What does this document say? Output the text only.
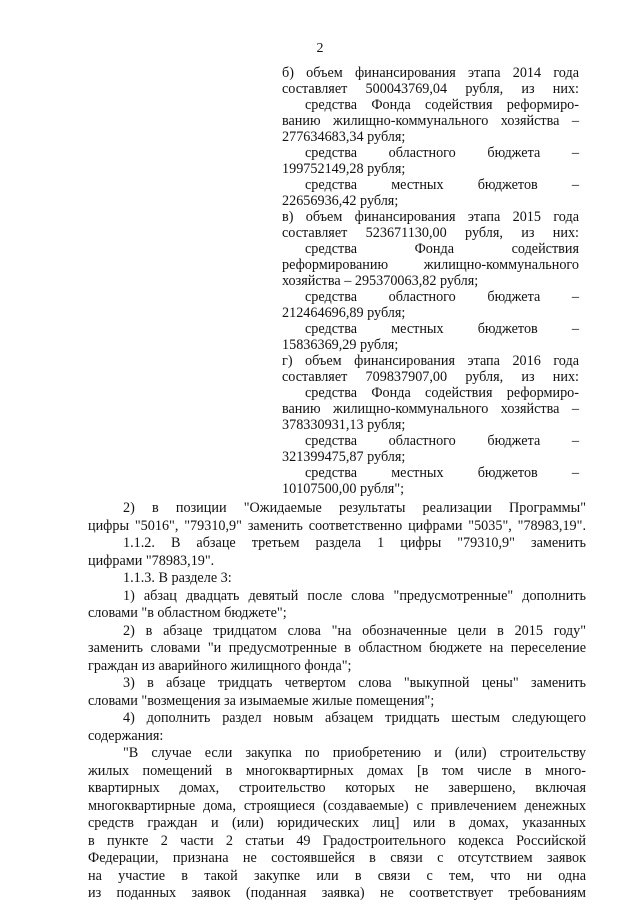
2
б) объем финансирования этапа 2014 года
составляет 500043769,04 рубля, из них:
средства Фонда содействия реформиро-
ванию жилищно-коммунального хозяйства –
277634683,34 рубля;
средства областного бюджета –
199752149,28 рубля;
средства местных бюджетов –
22656936,42 рубля;
в) объем финансирования этапа 2015 года
составляет 523671130,00 рубля, из них:
средства Фонда содействия
реформированию жилищно-коммунального
хозяйства – 295370063,82 рубля;
средства областного бюджета –
212464696,89 рубля;
средства местных бюджетов –
15836369,29 рубля;
г) объем финансирования этапа 2016 года
составляет 709837907,00 рубля, из них:
средства Фонда содействия реформиро-
ванию жилищно-коммунального хозяйства –
378330931,13 рубля;
средства областного бюджета –
321399475,87 рубля;
средства местных бюджетов –
10107500,00 рубля";
2) в позиции "Ожидаемые результаты реализации Программы"
цифры "5016", "79310,9" заменить соответственно цифрами "5035", "78983,19".
1.1.2. В абзаце третьем раздела 1 цифры "79310,9" заменить
цифрами "78983,19".
1.1.3. В разделе 3:
1) абзац двадцать девятый после слова "предусмотренные" дополнить
словами "в областном бюджете";
2) в абзаце тридцатом слова "на обозначенные цели в 2015 году"
заменить словами "и предусмотренные в областном бюджете на переселение
граждан из аварийного жилищного фонда";
3) в абзаце тридцать четвертом слова "выкупной цены" заменить
словами "возмещения за изымаемые жилые помещения";
4) дополнить раздел новым абзацем тридцать шестым следующего
содержания:
"В случае если закупка по приобретению и (или) строительству
жилых помещений в многоквартирных домах [в том числе в много-
квартирных домах, строительство которых не завершено, включая
многоквартирные дома, строящиеся (создаваемые) с привлечением денежных
средств граждан и (или) юридических лиц] или в домах, указанных
в пункте 2 части 2 статьи 49 Градостроительного кодекса Российской
Федерации, признана не состоявшейся в связи с отсутствием заявок
на участие в такой закупке или в связи с тем, что ни одна
из поданных заявок (поданная заявка) не соответствует требованиям
